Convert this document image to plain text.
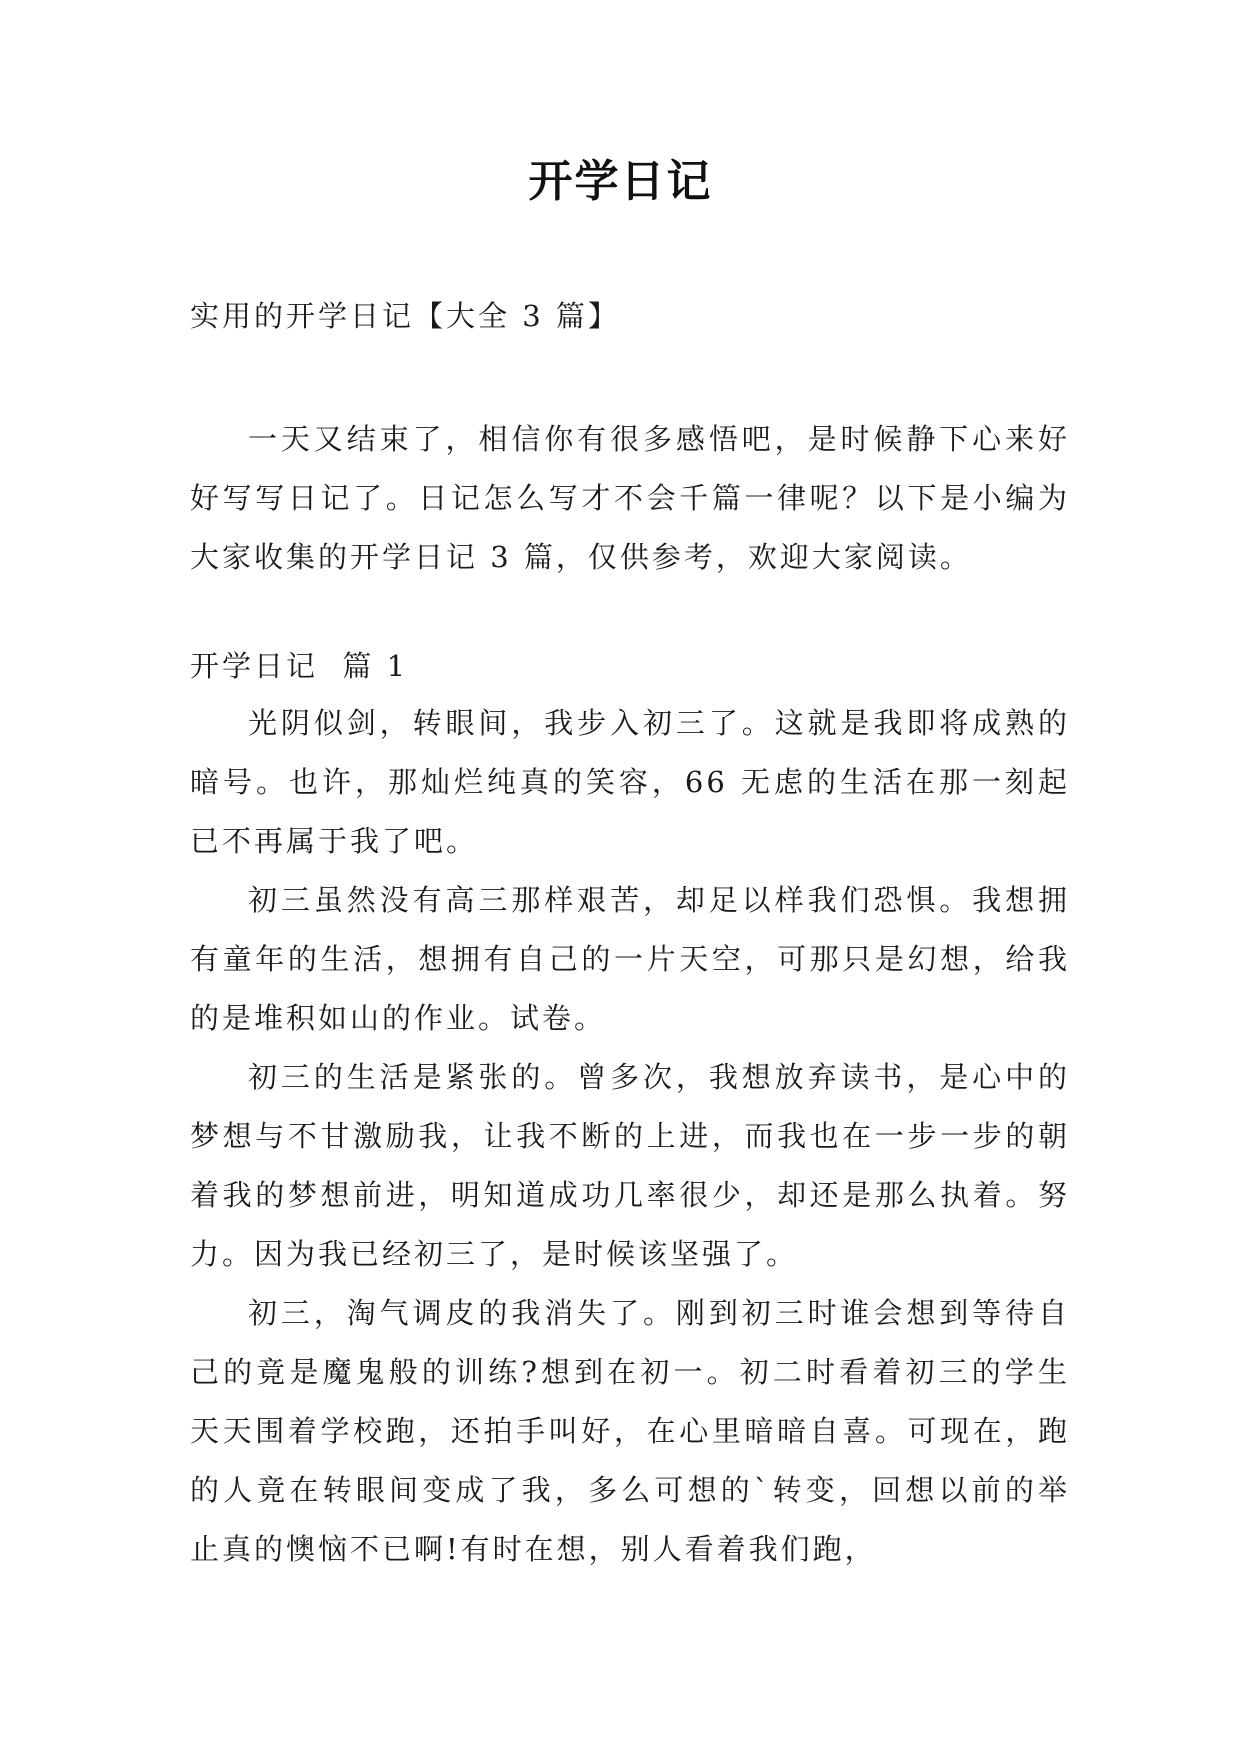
开学日记
实用的开学日记【大全 3 篇】

一天又结束了，相信你有很多感悟吧，是时候静下心来好好写写日记了。日记怎么写才不会千篇一律呢？以下是小编为大家收集的开学日记 3 篇，仅供参考，欢迎大家阅读。

开学日记  篇 1

光阴似剑，转眼间，我步入初三了。这就是我即将成熟的暗号。也许，那灿烂纯真的笑容，66 无虑的生活在那一刻起已不再属于我了吧。

初三虽然没有高三那样艰苦，却足以样我们恐惧。我想拥有童年的生活，想拥有自己的一片天空，可那只是幻想，给我的是堆积如山的作业。试卷。

初三的生活是紧张的。曾多次，我想放弃读书，是心中的梦想与不甘激励我，让我不断的上进，而我也在一步一步的朝着我的梦想前进，明知道成功几率很少，却还是那么执着。努力。因为我已经初三了，是时候该坚强了。

初三，淘气调皮的我消失了。刚到初三时谁会想到等待自己的竟是魔鬼般的训练?想到在初一。初二时看着初三的学生天天围着学校跑，还拍手叫好，在心里暗暗自喜。可现在，跑的人竟在转眼间变成了我，多么可想的`转变，回想以前的举止真的懊恼不已啊!有时在想，别人看着我们跑，
